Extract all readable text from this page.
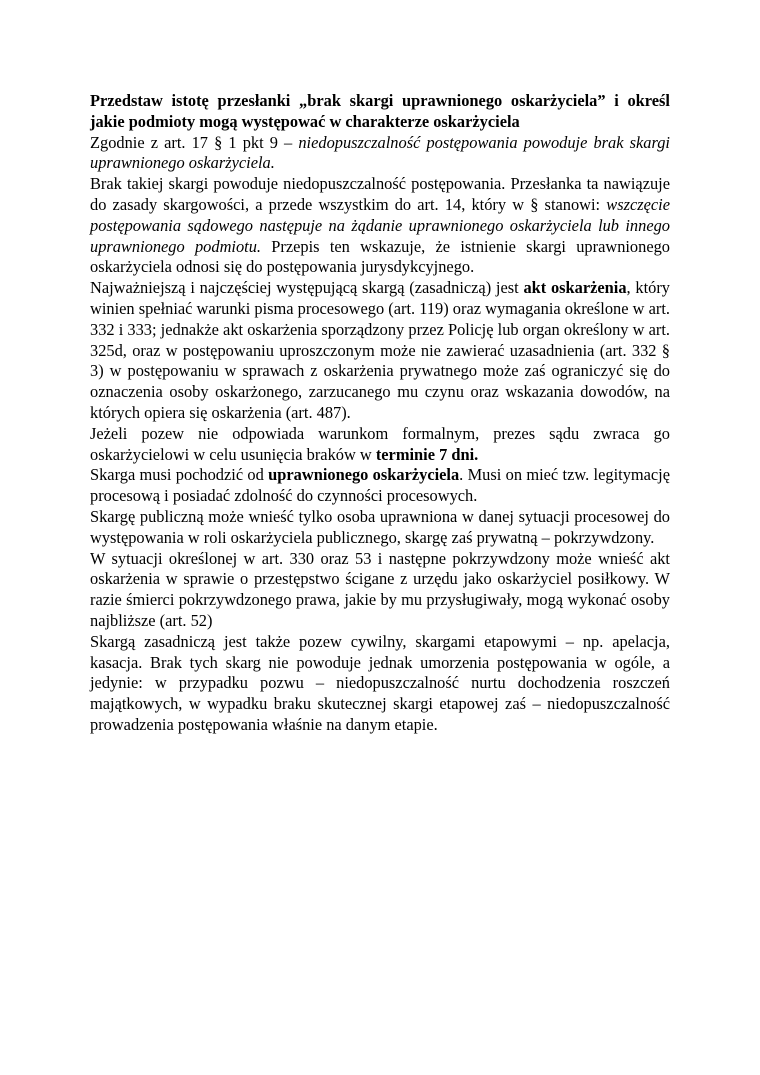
Przedstaw istotę przesłanki „brak skargi uprawnionego oskarżyciela” i określ jakie podmioty mogą występować w charakterze oskarżyciela

Zgodnie z art. 17 § 1 pkt 9 – niedopuszczalność postępowania powoduje brak skargi uprawnionego oskarżyciela.

Brak takiej skargi powoduje niedopuszczalność postępowania. Przesłanka ta nawiązuje do zasady skargowości, a przede wszystkim do art. 14, który w § stanowi: wszczęcie postępowania sądowego następuje na żądanie uprawnionego oskarżyciela lub innego uprawnionego podmiotu. Przepis ten wskazuje, że istnienie skargi uprawnionego oskarżyciela odnosi się do postępowania jurysdykcyjnego.

Najważniejszą i najczęściej występującą skargą (zasadniczą) jest akt oskarżenia, który winien spełniać warunki pisma procesowego (art. 119) oraz wymagania określone w art. 332 i 333; jednakże akt oskarżenia sporządzony przez Policję lub organ określony w art. 325d, oraz w postępowaniu uproszczonym może nie zawierać uzasadnienia (art. 332 § 3) w postępowaniu w sprawach z oskarżenia prywatnego może zaś ograniczyć się do oznaczenia osoby oskarżonego, zarzucanego mu czynu oraz wskazania dowodów, na których opiera się oskarżenia (art. 487).

Jeżeli pozew nie odpowiada warunkom formalnym, prezes sądu zwraca go oskarżycielowi w celu usunięcia braków w terminie 7 dni.

Skarga musi pochodzić od uprawnionego oskarżyciela. Musi on mieć tzw. legitymację procesową i posiadać zdolność do czynności procesowych.

Skargę publiczną może wnieść tylko osoba uprawniona w danej sytuacji procesowej do występowania w roli oskarżyciela publicznego, skargę zaś prywatną – pokrzywdzony.

W sytuacji określonej w art. 330 oraz 53 i następne pokrzywdzony może wnieść akt oskarżenia w sprawie o przestępstwo ścigane z urzędu jako oskarżyciel posiłkowy. W razie śmierci pokrzywdzonego prawa, jakie by mu przysługiwały, mogą wykonać osoby najbliższe (art. 52)

Skargą zasadniczą jest także pozew cywilny, skargami etapowymi – np. apelacja, kasacja. Brak tych skarg nie powoduje jednak umorzenia postępowania w ogóle, a jedynie: w przypadku pozwu – niedopuszczalność nurtu dochodzenia roszczeń majątkowych, w wypadku braku skutecznej skargi etapowej zaś – niedopuszczalność prowadzenia postępowania właśnie na danym etapie.
